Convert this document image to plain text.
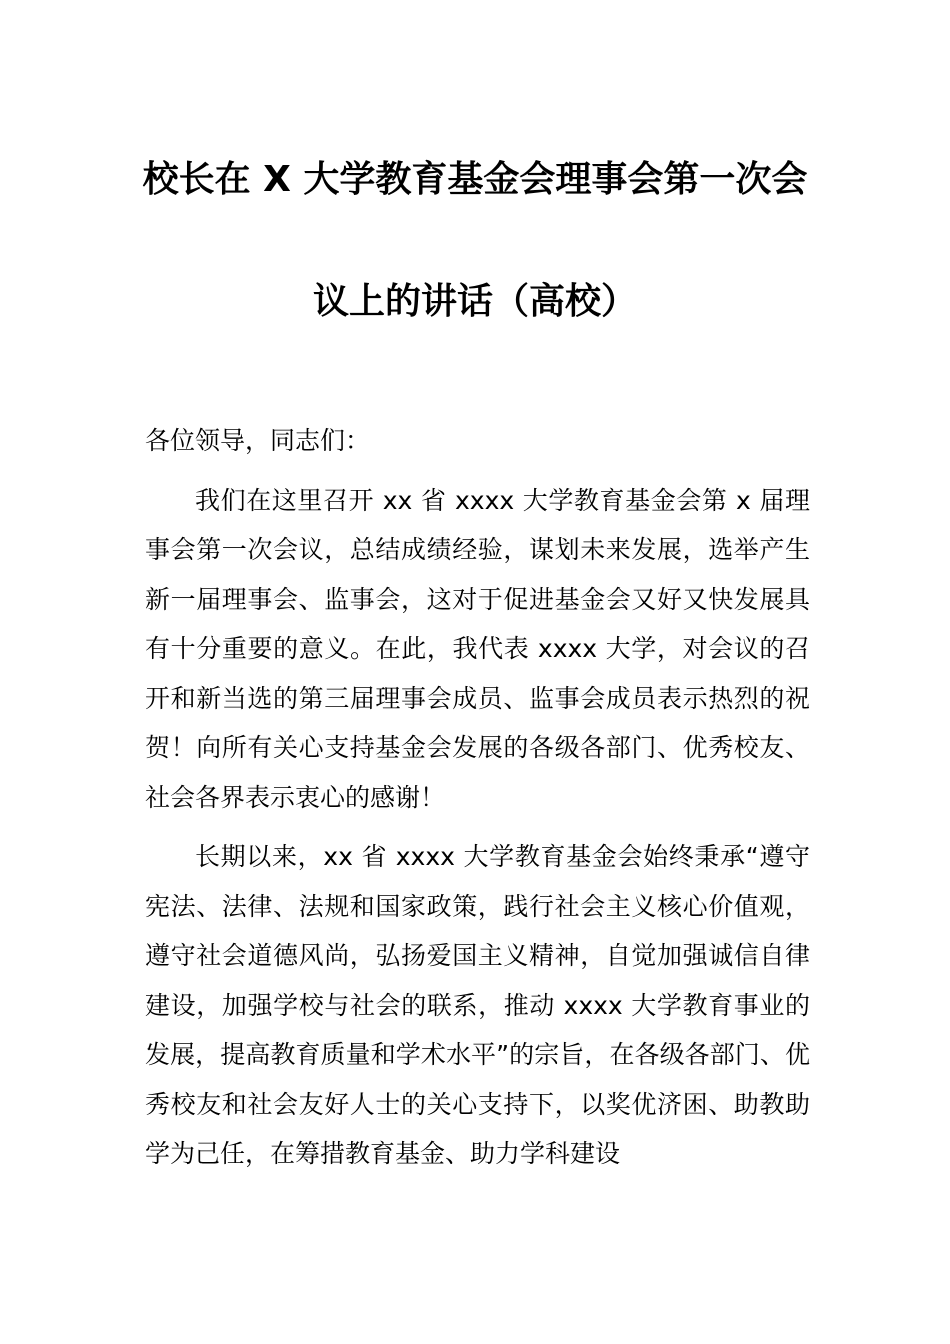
校长在 X 大学教育基金会理事会第一次会
议上的讲话（高校）

各位领导，同志们：

我们在这里召开 xx 省 xxxx 大学教育基金会第 x 届理事会第一次会议，总结成绩经验，谋划未来发展，选举产生新一届理事会、监事会，这对于促进基金会又好又快发展具有十分重要的意义。在此，我代表 xxxx 大学，对会议的召开和新当选的第三届理事会成员、监事会成员表示热烈的祝贺！向所有关心支持基金会发展的各级各部门、优秀校友、社会各界表示衷心的感谢！

长期以来，xx 省 xxxx 大学教育基金会始终秉承“遵守宪法、法律、法规和国家政策，践行社会主义核心价值观，遵守社会道德风尚，弘扬爱国主义精神，自觉加强诚信自律建设，加强学校与社会的联系，推动 xxxx 大学教育事业的发展，提高教育质量和学术水平”的宗旨，在各级各部门、优秀校友和社会友好人士的关心支持下，以奖优济困、助教助学为己任，在筹措教育基金、助力学科建设
